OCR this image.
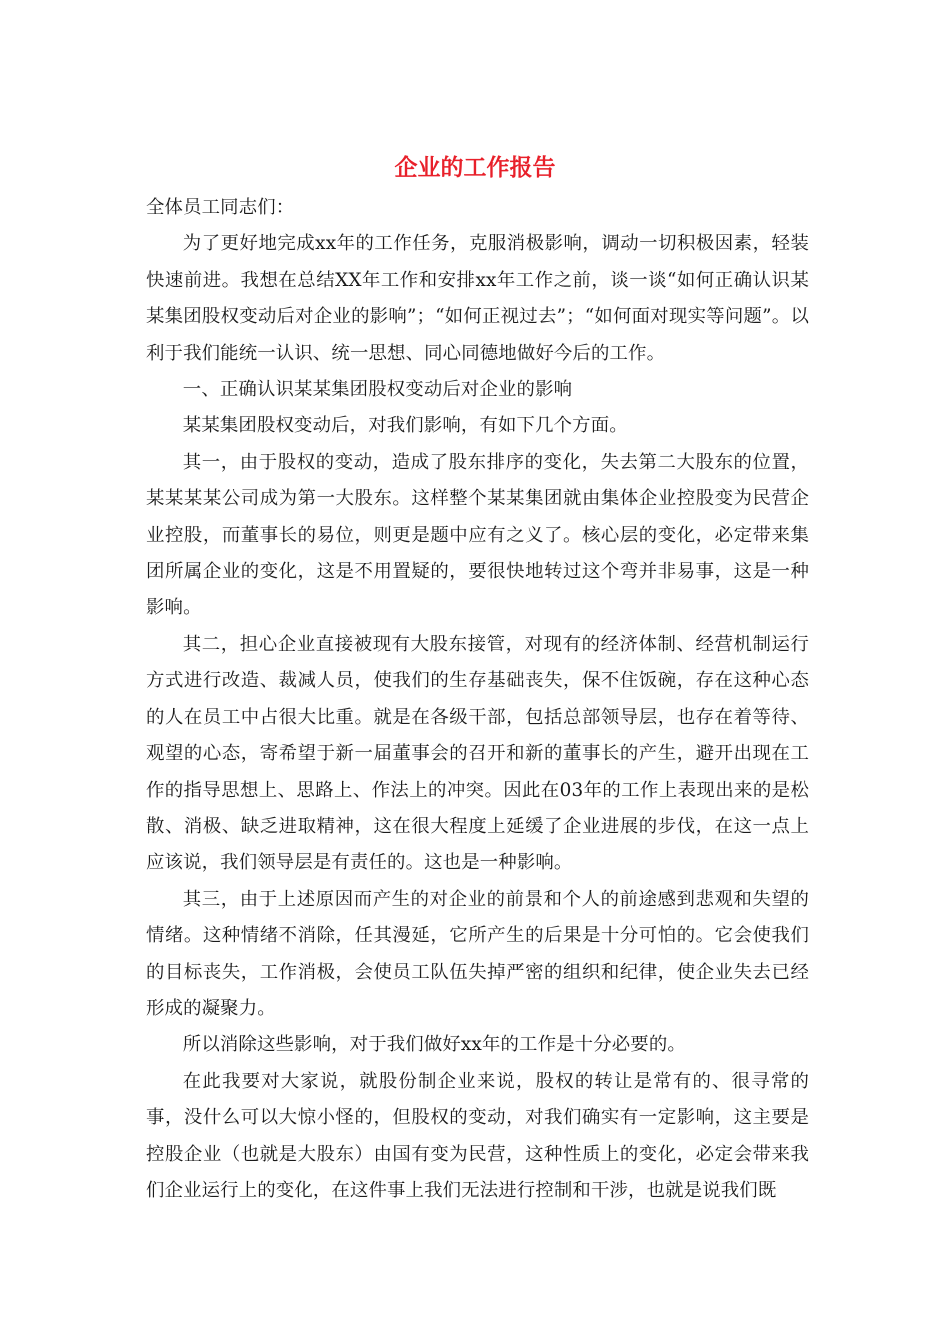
企业的工作报告

全体员工同志们：

为了更好地完成xx年的工作任务，克服消极影响，调动一切积极因素，轻装快速前进。我想在总结XX年工作和安排xx年工作之前，谈一谈“如何正确认识某某集团股权变动后对企业的影响”；“如何正视过去”；“如何面对现实等问题”。以利于我们能统一认识、统一思想、同心同德地做好今后的工作。

一、正确认识某某集团股权变动后对企业的影响

某某集团股权变动后，对我们影响，有如下几个方面。

其一，由于股权的变动，造成了股东排序的变化，失去第二大股东的位置，某某某某公司成为第一大股东。这样整个某某集团就由集体企业控股变为民营企业控股，而董事长的易位，则更是题中应有之义了。核心层的变化，必定带来集团所属企业的变化，这是不用置疑的，要很快地转过这个弯并非易事，这是一种影响。

其二，担心企业直接被现有大股东接管，对现有的经济体制、经营机制运行方式进行改造、裁减人员，使我们的生存基础丧失，保不住饭碗，存在这种心态的人在员工中占很大比重。就是在各级干部，包括总部领导层，也存在着等待、观望的心态，寄希望于新一届董事会的召开和新的董事长的产生，避开出现在工作的指导思想上、思路上、作法上的冲突。因此在03年的工作上表现出来的是松散、消极、缺乏进取精神，这在很大程度上延缓了企业进展的步伐，在这一点上应该说，我们领导层是有责任的。这也是一种影响。

其三，由于上述原因而产生的对企业的前景和个人的前途感到悲观和失望的情绪。这种情绪不消除，任其漫延，它所产生的后果是十分可怕的。它会使我们的目标丧失，工作消极，会使员工队伍失掉严密的组织和纪律，使企业失去已经形成的凝聚力。

所以消除这些影响，对于我们做好xx年的工作是十分必要的。

在此我要对大家说，就股份制企业来说，股权的转让是常有的、很寻常的事，没什么可以大惊小怪的，但股权的变动，对我们确实有一定影响，这主要是控股企业（也就是大股东）由国有变为民营，这种性质上的变化，必定会带来我们企业运行上的变化，在这件事上我们无法进行控制和干涉，也就是说我们既
